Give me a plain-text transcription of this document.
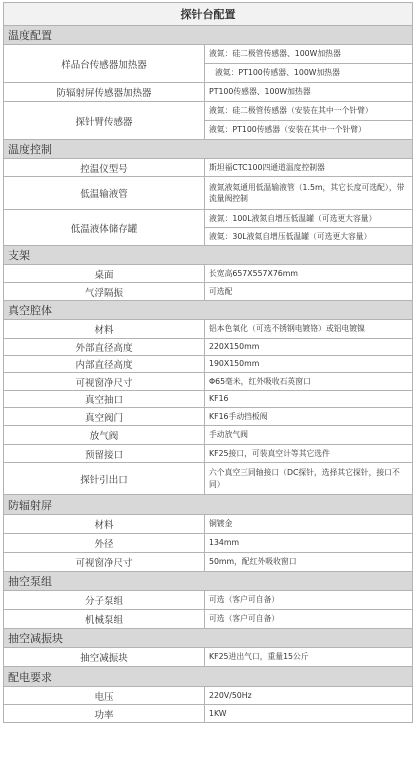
探针台配置	
温度配置	
样品台传感器加热器	液氮：硅二极管传感器、100W加热器
	液氦：PT100传感器、100W加热器
防辐射屏传感器加热器	PT100传感器、100W加热器
探针臂传感器	液氮：硅二极管传感器（安装在其中一个针臂）
	液氦：PT100传感器（安装在其中一个针臂）
温度控制	
控温仪型号	斯坦福CTC100四通道温度控制器
低温输液管	液氮液氦通用低温输液管（1.5m，其它长度可选配），带流量阀控制
低温液体储存罐	液氮：100L液氮自增压低温罐（可选更大容量）
	液氦：30L液氦自增压低温罐（可选更大容量）
支架	
桌面	长宽高657X557X76mm
气浮隔振	可选配
真空腔体	
材料	铝本色氧化（可选不锈钢电镀铬）或铝电镀镍
外部直径高度	220X150mm
内部直径高度	190X150mm
可视窗净尺寸	Φ65毫米，红外吸收石英窗口
真空抽口	KF16
真空阀门	KF16手动挡板阀
放气阀	手动放气阀
预留接口	KF25接口，可装真空计等其它选件
探针引出口	六个真空三同轴接口（DC探针，选择其它探针，接口不同）
防辐射屏	
材料	铜镀金
外径	134mm
可视窗净尺寸	50mm，配红外吸收窗口
抽空泵组	
分子泵组	可选（客户可自备）
机械泵组	可选（客户可自备）
抽空减振块	
抽空减振块	KF25进出气口，重量15公斤
配电要求	
电压	220V/50Hz
功率	1KW
